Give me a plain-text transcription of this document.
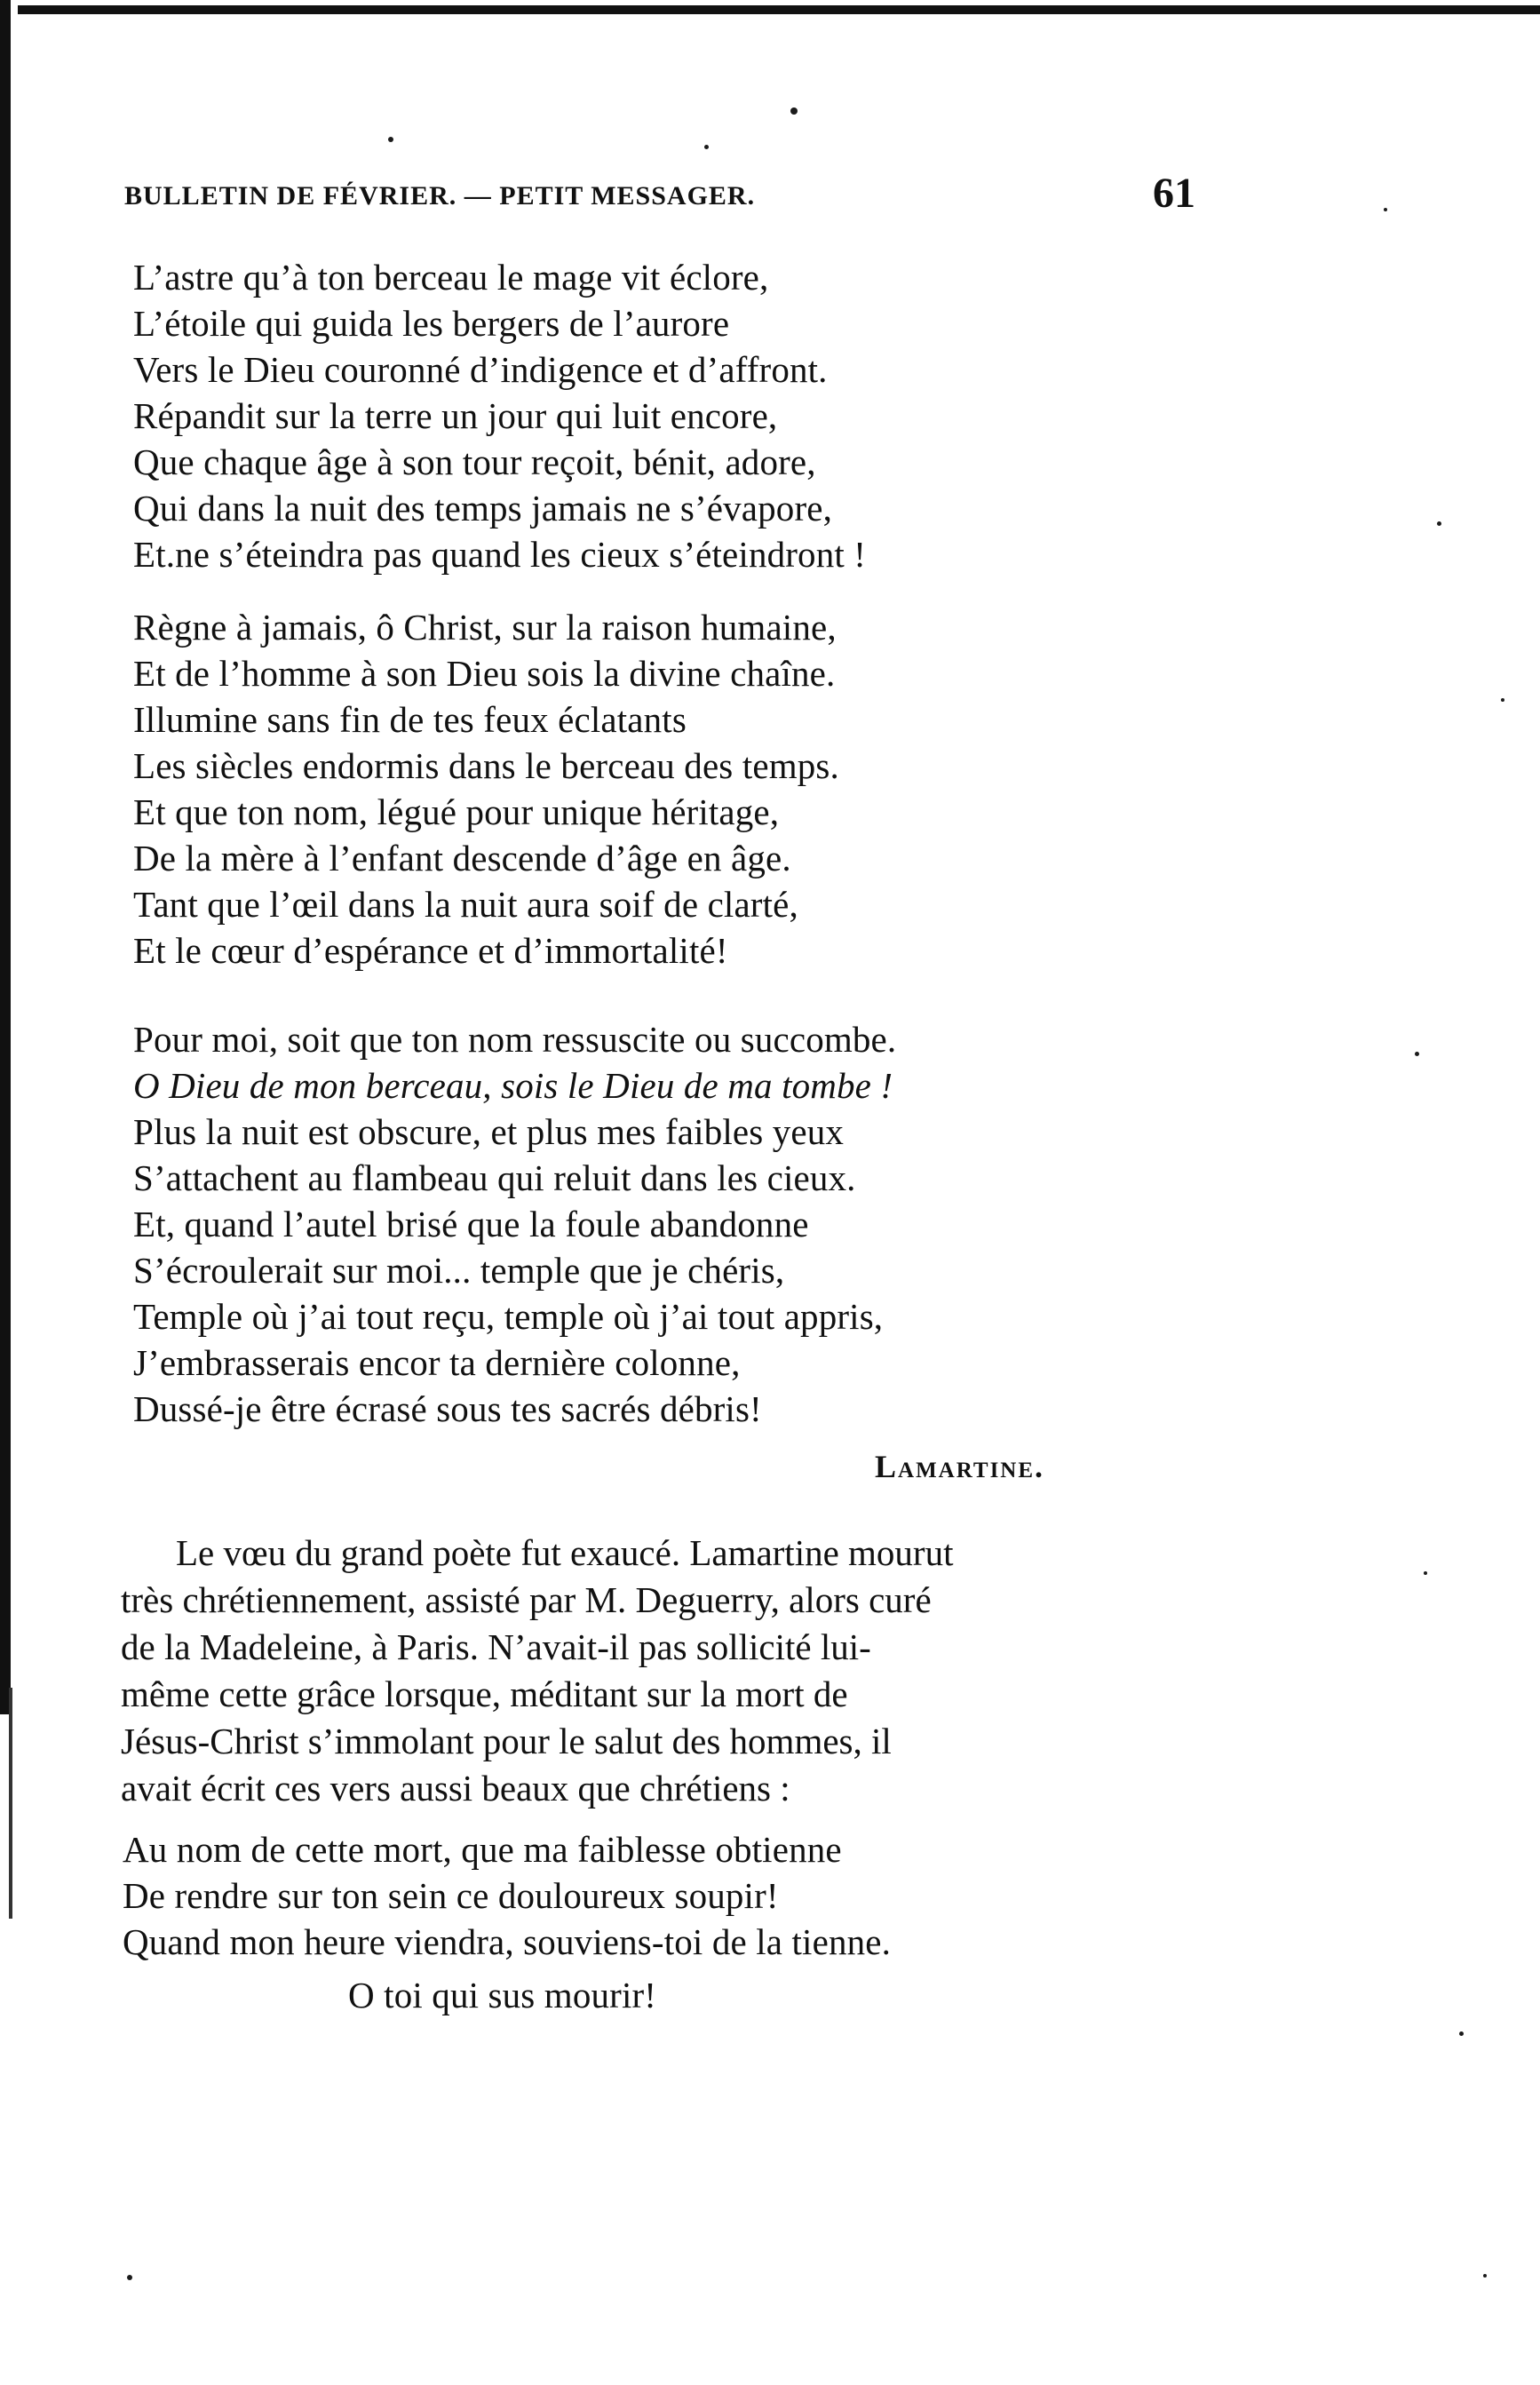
BULLETIN DE FÉVRIER. — PETIT MESSAGER.	61
L’astre qu’à ton berceau le mage vit éclore,
L’étoile qui guida les bergers de l’aurore
Vers le Dieu couronné d’indigence et d’affront.
Répandit sur la terre un jour qui luit encore,
Que chaque âge à son tour reçoit, bénit, adore,
Qui dans la nuit des temps jamais ne s’évapore,
Et.ne s’éteindra pas quand les cieux s’éteindront !
Règne à jamais, ô Christ, sur la raison humaine,
Et de l’homme à son Dieu sois la divine chaîne.
Illumine sans fin de tes feux éclatants
Les siècles endormis dans le berceau des temps.
Et que ton nom, légué pour unique héritage,
De la mère à l’enfant descende d’âge en âge.
Tant que l’œil dans la nuit aura soif de clarté,
Et le cœur d’espérance et d’immortalité!
Pour moi, soit que ton nom ressuscite ou succombe.
O Dieu de mon berceau, sois le Dieu de ma tombe !
Plus la nuit est obscure, et plus mes faibles yeux
S’attachent au flambeau qui reluit dans les cieux.
Et, quand l’autel brisé que la foule abandonne
S’écroulerait sur moi... temple que je chéris,
Temple où j’ai tout reçu, temple où j’ai tout appris,
J’embrasserais encor ta dernière colonne,
Dussé-je être écrasé sous tes sacrés débris!
Lamartine.
Le vœu du grand poète fut exaucé. Lamartine mourut
très chrétiennement, assisté par M. Deguerry, alors curé
de la Madeleine, à Paris. N’avait-il pas sollicité lui-
même cette grâce lorsque, méditant sur la mort de
Jésus-Christ s’immolant pour le salut des hommes, il
avait écrit ces vers aussi beaux que chrétiens :
Au nom de cette mort, que ma faiblesse obtienne
De rendre sur ton sein ce douloureux soupir!
Quand mon heure viendra, souviens-toi de la tienne.
O toi qui sus mourir!
